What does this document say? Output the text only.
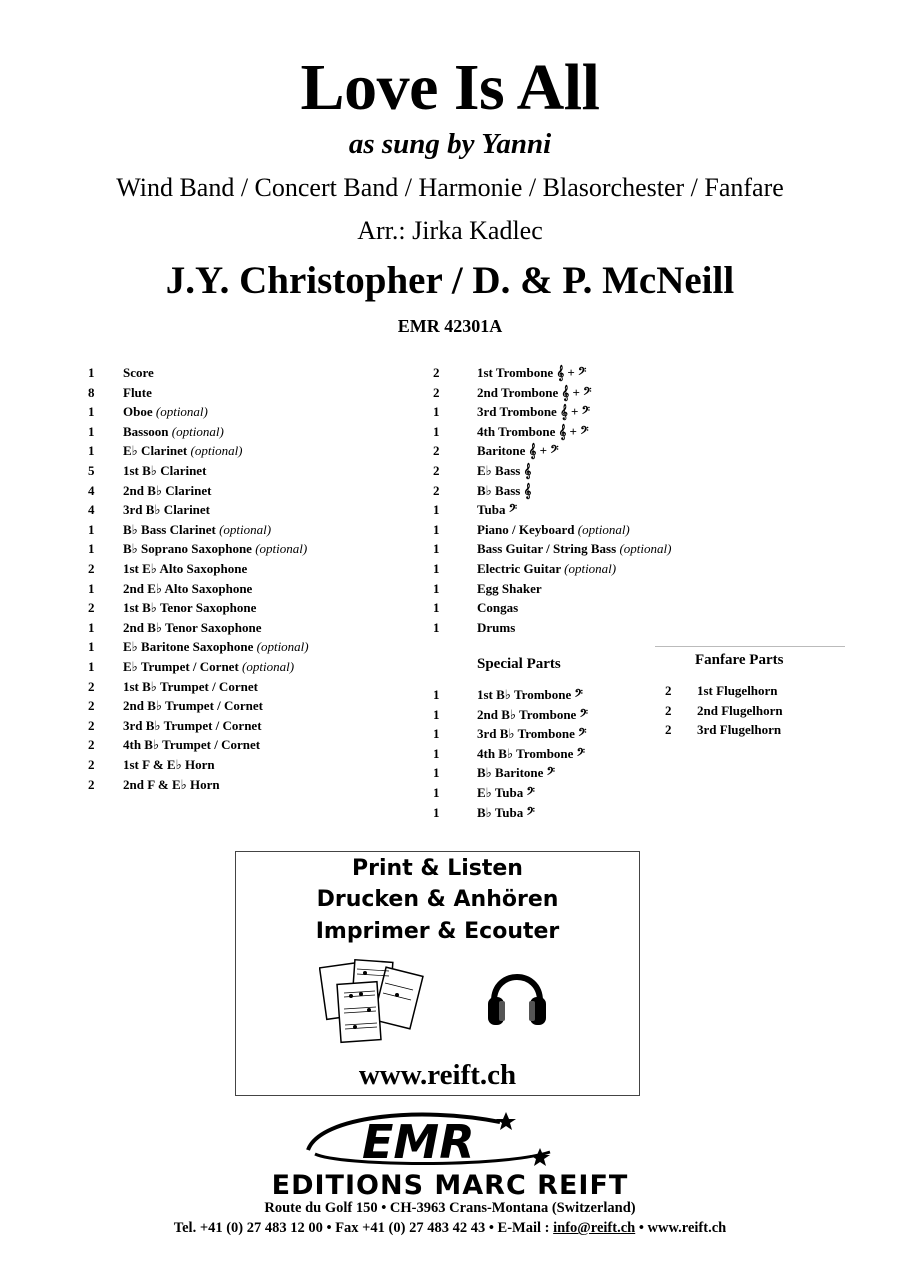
Love Is All
as sung by Yanni
Wind Band / Concert Band / Harmonie / Blasorchester / Fanfare
Arr.: Jirka Kadlec
J.Y. Christopher / D. & P. McNeill
EMR 42301A
1 Score
8 Flute
1 Oboe (optional)
1 Bassoon (optional)
1 E♭ Clarinet (optional)
5 1st B♭ Clarinet
4 2nd B♭ Clarinet
4 3rd B♭ Clarinet
1 B♭ Bass Clarinet (optional)
1 B♭ Soprano Saxophone (optional)
2 1st E♭ Alto Saxophone
1 2nd E♭ Alto Saxophone
2 1st B♭ Tenor Saxophone
1 2nd B♭ Tenor Saxophone
1 E♭ Baritone Saxophone (optional)
1 E♭ Trumpet / Cornet (optional)
2 1st B♭ Trumpet / Cornet
2 2nd B♭ Trumpet / Cornet
2 3rd B♭ Trumpet / Cornet
2 4th B♭ Trumpet / Cornet
2 1st F & E♭ Horn
2 2nd F & E♭ Horn
2	1st Trombone 𝄞 + 𝄢
2	2nd Trombone 𝄞 + 𝄢
1	3rd Trombone 𝄞 + 𝄢
1	4th Trombone 𝄞 + 𝄢
2	Baritone 𝄞 + 𝄢
2	E♭ Bass 𝄞
2	B♭ Bass 𝄞
1	Tuba 𝄢
1	Piano / Keyboard (optional)
1	Bass Guitar / String Bass (optional)
1	Electric Guitar (optional)
1	Egg Shaker
1	Congas
1	Drums
Special Parts
1	1st B♭ Trombone 𝄢
1	2nd B♭ Trombone 𝄢
1	3rd B♭ Trombone 𝄢
1	4th B♭ Trombone 𝄢
1	B♭ Baritone 𝄢
1	E♭ Tuba 𝄢
1	B♭ Tuba 𝄢
Fanfare Parts
2 1st Flugelhorn
2 2nd Flugelhorn
2 3rd Flugelhorn
Print & Listen
Drucken & Anhören
Imprimer & Ecouter
www.reift.ch
EMR
EDITIONS MARC REIFT
Route du Golf 150 • CH-3963 Crans-Montana (Switzerland)
Tel. +41 (0) 27 483 12 00 • Fax +41 (0) 27 483 42 43 • E-Mail : info@reift.ch • www.reift.ch
